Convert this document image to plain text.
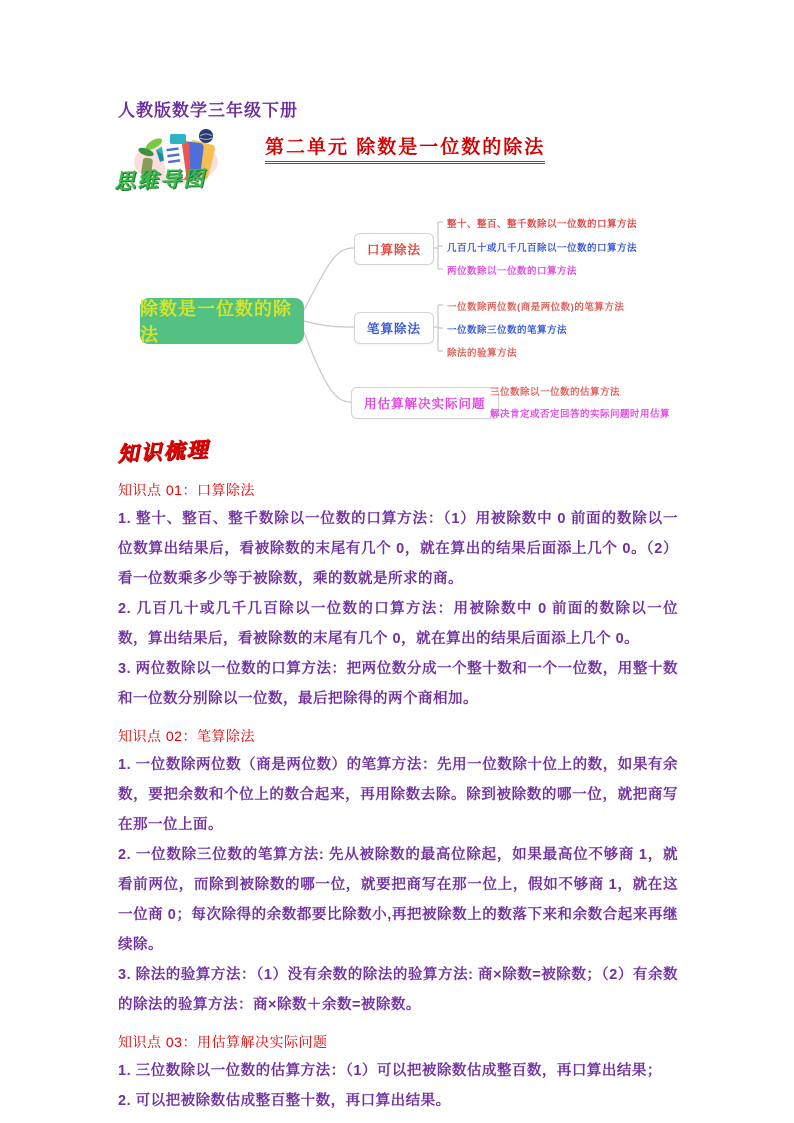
人教版数学三年级下册
第二单元 除数是一位数的除法
思维导图
除数是一位数的除法
口算除法
笔算除法
用估算解决实际问题
整十、整百、整千数除以一位数的口算方法
几百几十或几千几百除以一位数的口算方法
两位数除以一位数的口算方法
一位数除两位数(商是两位数)的笔算方法
一位数除三位数的笔算方法
除法的验算方法
三位数除以一位数的估算方法
解决肯定或否定回答的实际问题时用估算
知识梳理
知识点 01：口算除法

1. 整十、整百、整千数除以一位数的口算方法：（1）用被除数中 0 前面的数除以一位数算出结果后，看被除数的末尾有几个 0，就在算出的结果后面添上几个 0。（2）看一位数乘多少等于被除数，乘的数就是所求的商。

2. 几百几十或几千几百除以一位数的口算方法：用被除数中 0 前面的数除以一位数，算出结果后，看被除数的末尾有几个 0，就在算出的结果后面添上几个 0。

3. 两位数除以一位数的口算方法：把两位数分成一个整十数和一个一位数，用整十数和一位数分别除以一位数，最后把除得的两个商相加。

知识点 02：笔算除法

1. 一位数除两位数（商是两位数）的笔算方法：先用一位数除十位上的数，如果有余数，要把余数和个位上的数合起来，再用除数去除。除到被除数的哪一位，就把商写在那一位上面。

2. 一位数除三位数的笔算方法: 先从被除数的最高位除起，如果最高位不够商 1，就看前两位，而除到被除数的哪一位，就要把商写在那一位上，假如不够商 1，就在这一位商 0；每次除得的余数都要比除数小,再把被除数上的数落下来和余数合起来再继续除。

3. 除法的验算方法：（1）没有余数的除法的验算方法: 商×除数=被除数；（2）有余数的除法的验算方法：商×除数＋余数=被除数。

知识点 03：用估算解决实际问题

1. 三位数除以一位数的估算方法：（1）可以把被除数估成整百数，再口算出结果；

2. 可以把被除数估成整百整十数，再口算出结果。
